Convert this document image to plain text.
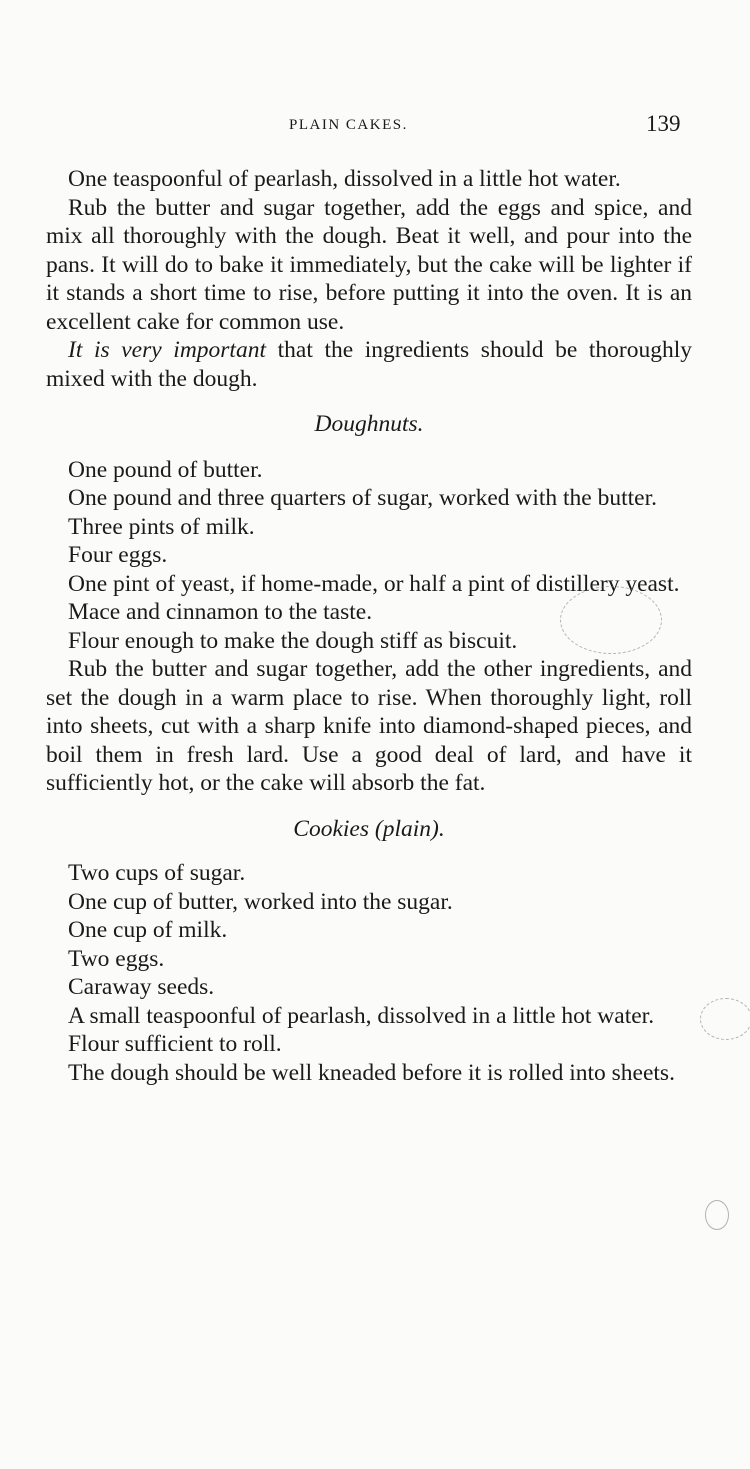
PLAIN CAKES.	139

One teaspoonful of pearlash, dissolved in a little hot water.

Rub the butter and sugar together, add the eggs and spice, and mix all thoroughly with the dough. Beat it well, and pour into the pans. It will do to bake it immediately, but the cake will be lighter if it stands a short time to rise, before putting it into the oven. It is an excellent cake for common use.

It is very important that the ingredients should be thoroughly mixed with the dough.

Doughnuts.

One pound of butter.

One pound and three quarters of sugar, worked with the butter.

Three pints of milk.

Four eggs.

One pint of yeast, if home-made, or half a pint of distillery yeast.

Mace and cinnamon to the taste.

Flour enough to make the dough stiff as biscuit.

Rub the butter and sugar together, add the other ingredients, and set the dough in a warm place to rise. When thoroughly light, roll into sheets, cut with a sharp knife into diamond-shaped pieces, and boil them in fresh lard. Use a good deal of lard, and have it sufficiently hot, or the cake will absorb the fat.

Cookies (plain).

Two cups of sugar.

One cup of butter, worked into the sugar.

One cup of milk.

Two eggs.

Caraway seeds.

A small teaspoonful of pearlash, dissolved in a little hot water.

Flour sufficient to roll.

The dough should be well kneaded before it is rolled into sheets.
